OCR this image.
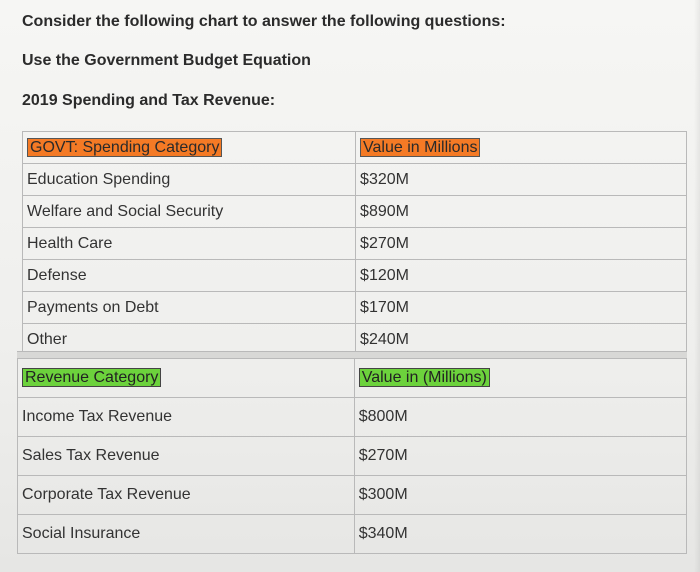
Consider the following chart to answer the following questions:
Use the Government Budget Equation
2019 Spending and Tax Revenue:
GOVT: Spending Category	Value in Millions
Education Spending	$320M
Welfare and Social Security	$890M
Health Care	$270M
Defense	$120M
Payments on Debt	$170M
Other	$240M
Revenue Category	Value in (Millions)
Income Tax Revenue	$800M
Sales Tax Revenue	$270M
Corporate Tax Revenue	$300M
Social Insurance	$340M
